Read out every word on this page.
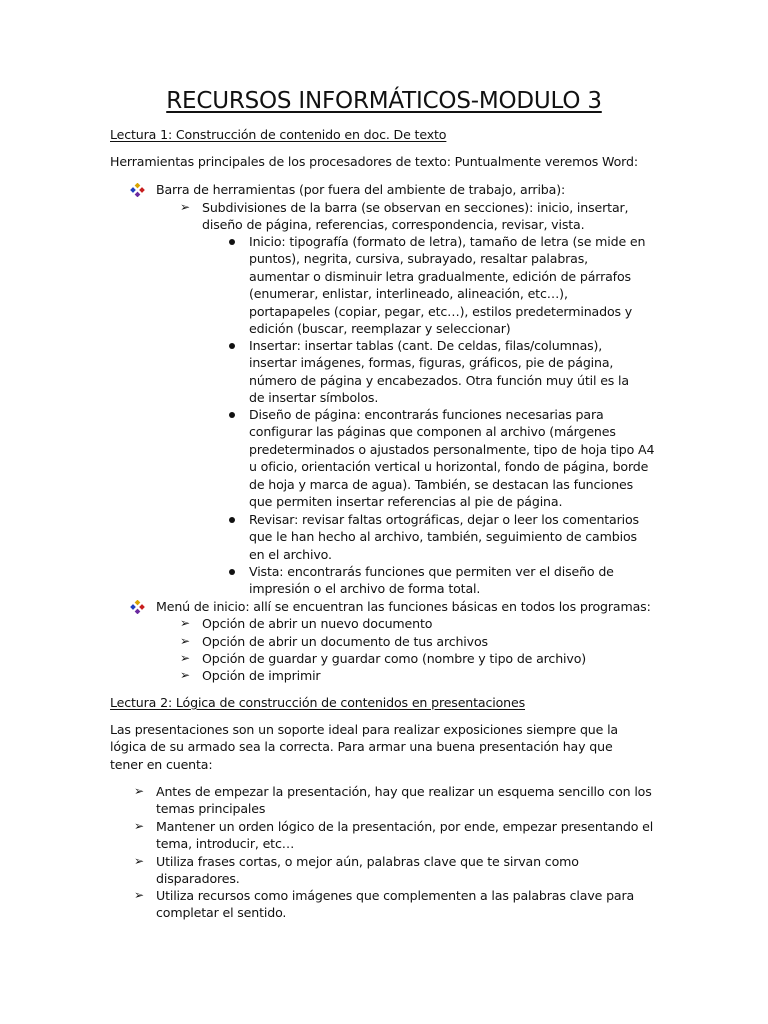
RECURSOS INFORMÁTICOS-MODULO 3
Lectura 1: Construcción de contenido en doc. De texto
Herramientas principales de los procesadores de texto: Puntualmente veremos Word:
Barra de herramientas (por fuera del ambiente de trabajo, arriba):
➢ Subdivisiones de la barra (se observan en secciones): inicio, insertar, diseño de página, referencias, correspondencia, revisar, vista.
Inicio: tipografía (formato de letra), tamaño de letra (se mide en puntos), negrita, cursiva, subrayado, resaltar palabras, aumentar o disminuir letra gradualmente, edición de párrafos (enumerar, enlistar, interlineado, alineación, etc…), portapapeles (copiar, pegar, etc…), estilos predeterminados y edición (buscar, reemplazar y seleccionar)
Insertar: insertar tablas (cant. De celdas, filas/columnas), insertar imágenes, formas, figuras, gráficos, pie de página, número de página y encabezados. Otra función muy útil es la de insertar símbolos.
Diseño de página: encontrarás funciones necesarias para configurar las páginas que componen al archivo (márgenes predeterminados o ajustados personalmente, tipo de hoja tipo A4 u oficio, orientación vertical u horizontal, fondo de página, borde de hoja y marca de agua). También, se destacan las funciones que permiten insertar referencias al pie de página.
Revisar: revisar faltas ortográficas, dejar o leer los comentarios que le han hecho al archivo, también, seguimiento de cambios en el archivo.
Vista: encontrarás funciones que permiten ver el diseño de impresión o el archivo de forma total.
Menú de inicio: allí se encuentran las funciones básicas en todos los programas:
➢ Opción de abrir un nuevo documento
➢ Opción de abrir un documento de tus archivos
➢ Opción de guardar y guardar como (nombre y tipo de archivo)
➢ Opción de imprimir
Lectura 2: Lógica de construcción de contenidos en presentaciones
Las presentaciones son un soporte ideal para realizar exposiciones siempre que la lógica de su armado sea la correcta. Para armar una buena presentación hay que tener en cuenta:
➢ Antes de empezar la presentación, hay que realizar un esquema sencillo con los temas principales
➢ Mantener un orden lógico de la presentación, por ende, empezar presentando el tema, introducir, etc…
➢ Utiliza frases cortas, o mejor aún, palabras clave que te sirvan como disparadores.
➢ Utiliza recursos como imágenes que complementen a las palabras clave para completar el sentido.
